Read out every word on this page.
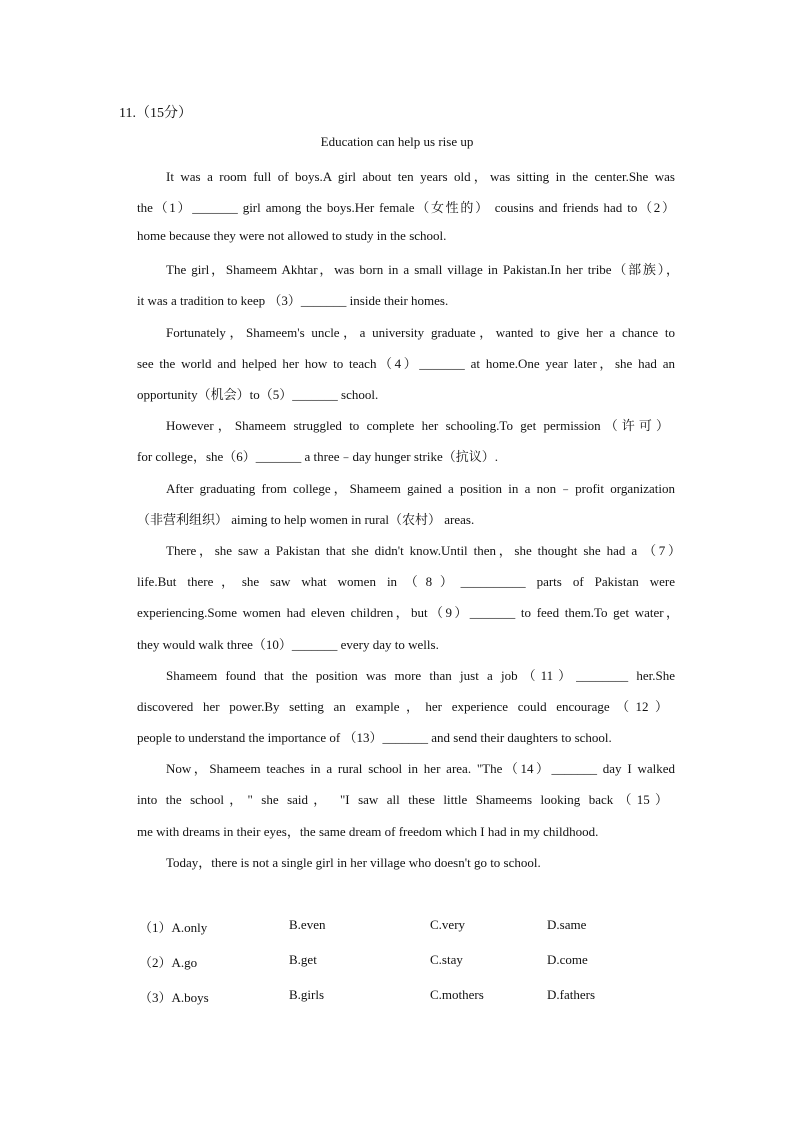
11.（15分）
Education can help us rise up
It was a room full of boys.A girl about ten years old，was sitting in the center.She was
the（1）_______ girl among the boys.Her female（女性的） cousins and friends had to（2）
home because they were not allowed to study in the school.
The girl，Shameem Akhtar，was born in a small village in Pakistan.In her tribe（部族），
it was a tradition to keep （3）_______ inside their homes.
Fortunately，Shameem's uncle，a university graduate，wanted to give her a chance to
see the world and helped her how to teach（4）_______ at home.One year later，she had an
opportunity（机会）to（5）_______ school.
However，Shameem struggled to complete her schooling.To get permission（许可）
for college，she（6）_______ a three﹣day hunger strike（抗议）.
After graduating from college，Shameem gained a position in a non﹣profit organization
（非营利组织） aiming to help women in rural（农村） areas.
There，she saw a Pakistan that she didn't know.Until then，she thought she had a （7）
life.But there，she saw what women in（8）__________ parts of Pakistan were
experiencing.Some women had eleven children，but（9）_______ to feed them.To get water，
they would walk three（10）_______ every day to wells.
Shameem found that the position was more than just a job（11）________ her.She
discovered her power.By setting an example，her experience could encourage（12）
people to understand the importance of （13）_______ and send their daughters to school.
Now，Shameem teaches in a rural school in her area. "The（14）_______ day I walked
into the school，" she said， "I saw all these little Shameems looking back（15）
me with dreams in their eyes，the same dream of freedom which I had in my childhood.
Today，there is not a single girl in her village who doesn't go to school.
（1）A.only	B.even	C.very	D.same
（2）A.go	B.get	C.stay	D.come
（3）A.boys	B.girls	C.mothers	D.fathers
